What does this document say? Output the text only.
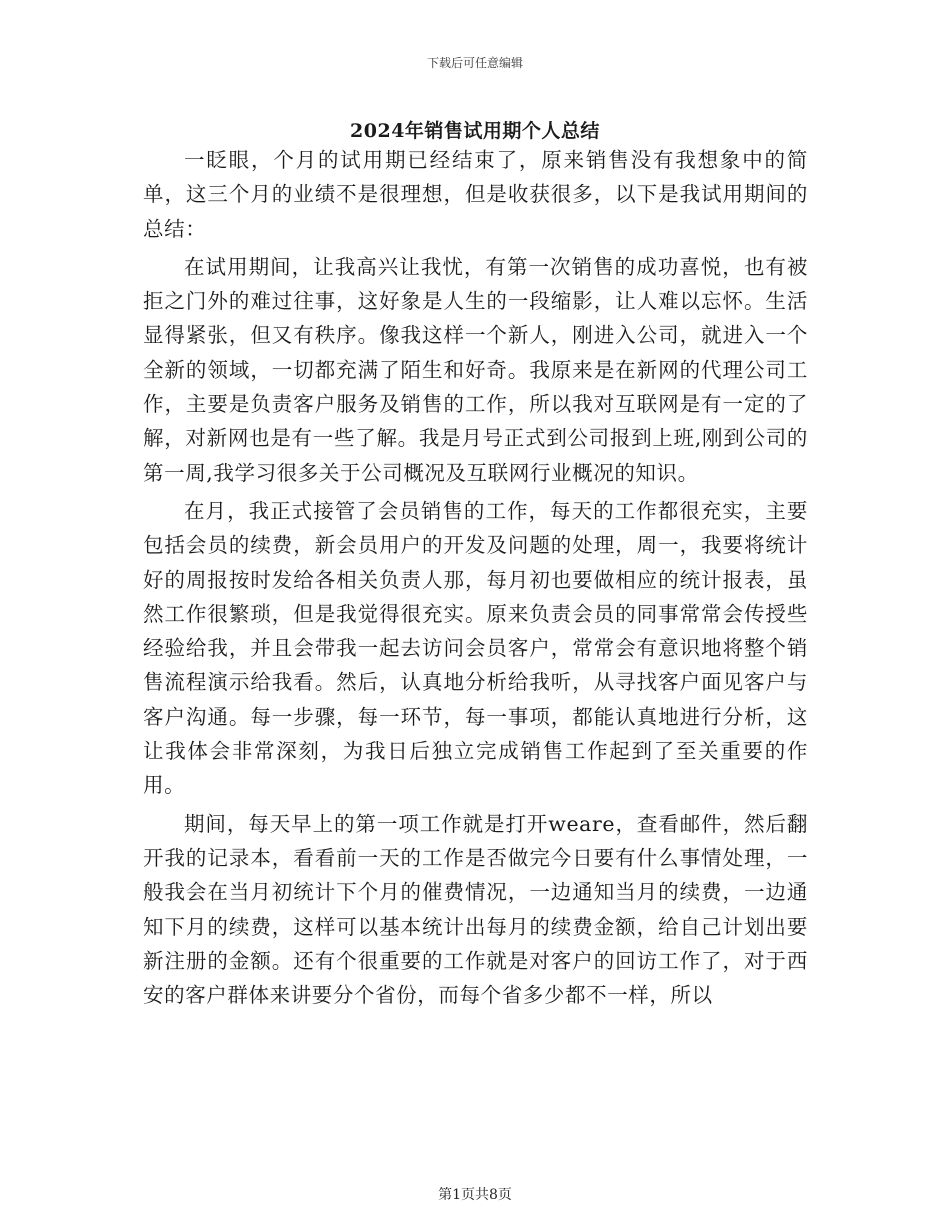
下载后可任意编辑
2024年销售试用期个人总结

一眨眼，个月的试用期已经结束了，原来销售没有我想象中的简单，这三个月的业绩不是很理想，但是收获很多，以下是我试用期间的总结：

在试用期间，让我高兴让我忧，有第一次销售的成功喜悦，也有被拒之门外的难过往事，这好象是人生的一段缩影，让人难以忘怀。生活显得紧张，但又有秩序。像我这样一个新人，刚进入公司，就进入一个全新的领域，一切都充满了陌生和好奇。我原来是在新网的代理公司工作，主要是负责客户服务及销售的工作，所以我对互联网是有一定的了解，对新网也是有一些了解。我是月号正式到公司报到上班,刚到公司的第一周,我学习很多关于公司概况及互联网行业概况的知识。

在月，我正式接管了会员销售的工作，每天的工作都很充实，主要包括会员的续费，新会员用户的开发及问题的处理，周一，我要将统计好的周报按时发给各相关负责人那，每月初也要做相应的统计报表，虽然工作很繁琐，但是我觉得很充实。原来负责会员的同事常常会传授些经验给我，并且会带我一起去访问会员客户，常常会有意识地将整个销售流程演示给我看。然后，认真地分析给我听，从寻找客户面见客户与客户沟通。每一步骤，每一环节，每一事项，都能认真地进行分析，这让我体会非常深刻，为我日后独立完成销售工作起到了至关重要的作用。

期间，每天早上的第一项工作就是打开weare，查看邮件，然后翻开我的记录本，看看前一天的工作是否做完今日要有什么事情处理，一般我会在当月初统计下个月的催费情况，一边通知当月的续费，一边通知下月的续费，这样可以基本统计出每月的续费金额，给自己计划出要新注册的金额。还有个很重要的工作就是对客户的回访工作了，对于西安的客户群体来讲要分个省份，而每个省多少都不一样，所以

第1页共8页
